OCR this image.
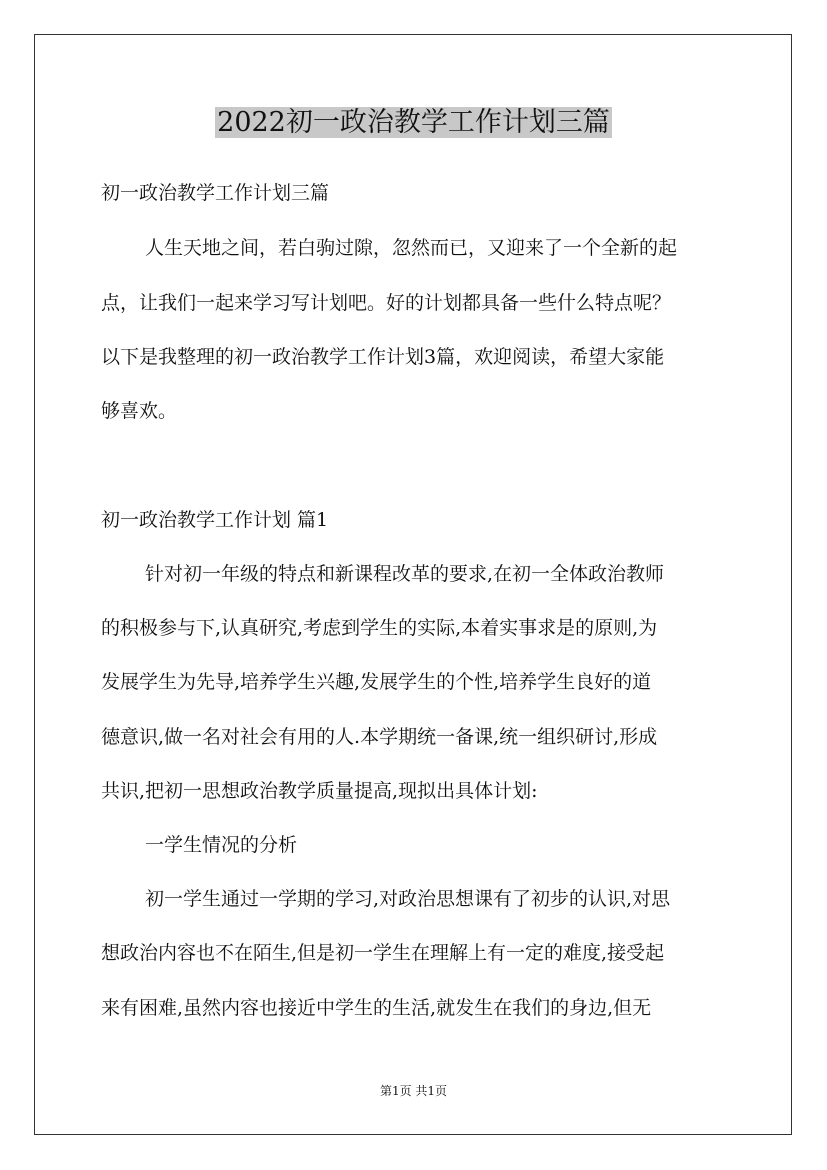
2022初一政治教学工作计划三篇
初一政治教学工作计划三篇
人生天地之间，若白驹过隙，忽然而已，又迎来了一个全新的起
点，让我们一起来学习写计划吧。好的计划都具备一些什么特点呢？
以下是我整理的初一政治教学工作计划3篇，欢迎阅读，希望大家能
够喜欢。
初一政治教学工作计划 篇1
针对初一年级的特点和新课程改革的要求,在初一全体政治教师
的积极参与下,认真研究,考虑到学生的实际,本着实事求是的原则,为
发展学生为先导,培养学生兴趣,发展学生的个性,培养学生良好的道
德意识,做一名对社会有用的人.本学期统一备课,统一组织研讨,形成
共识,把初一思想政治教学质量提高,现拟出具体计划:
一学生情况的分析
初一学生通过一学期的学习,对政治思想课有了初步的认识,对思
想政治内容也不在陌生,但是初一学生在理解上有一定的难度,接受起
来有困难,虽然内容也接近中学生的生活,就发生在我们的身边,但无
第1页 共1页
